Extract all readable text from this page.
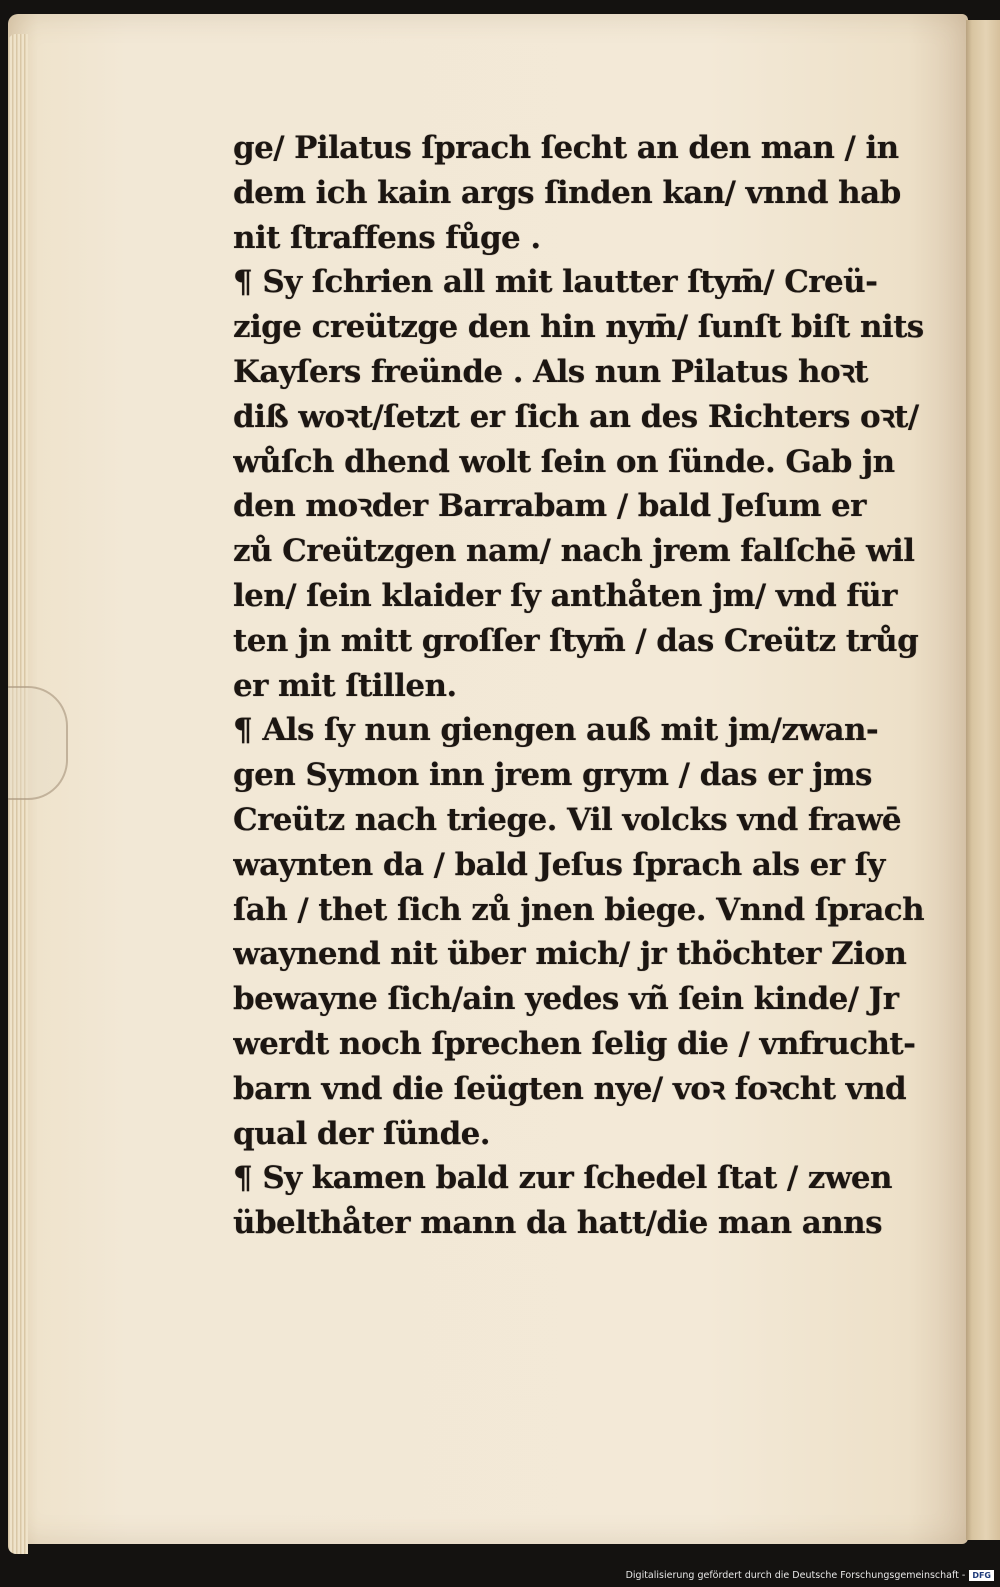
ge/ Pilatus ſprach ſecht an den man / in
dem ich kain args ſinden kan/ vnnd hab
nit ſtraffens fůge .
¶ Sy ſchrien all mit lautter ſtym̄/ Creü-
zige creützge den hin nym̄/ ſunſt biſt nits
Kayſers freünde . Als nun Pilatus hoꝛt
diß woꝛt/ſetzt er ſich an des Richters oꝛt/
wůſch dhend wolt ſein on ſünde. Gab jn
den moꝛder Barrabam / bald Jeſum er
zů Creützgen nam/ nach jrem falſchē wil
len/ ſein klaider ſy anthåten jm/ vnd für
ten jn mitt groſſer ſtym̄ / das Creütz trůg
er mit ſtillen.
¶ Als ſy nun giengen auß mit jm/zwan-
gen Symon inn jrem grym / das er jms
Creütz nach triege. Vil volcks vnd frawē
waynten da / bald Jeſus ſprach als er ſy
ſah / thet ſich zů jnen biege. Vnnd ſprach
waynend nit über mich/ jr thöchter Zion
bewayne ſich/ain yedes vñ ſein kinde/ Jr
werdt noch ſprechen ſelig die / vnfrucht-
barn vnd die ſeügten nye/ voꝛ foꝛcht vnd
qual der ſünde.
¶ Sy kamen bald zur ſchedel ſtat / zwen
übelthåter mann da hatt/die man anns
Digitalisierung gefördert durch die Deutsche Forschungsgemeinschaft - DFG
